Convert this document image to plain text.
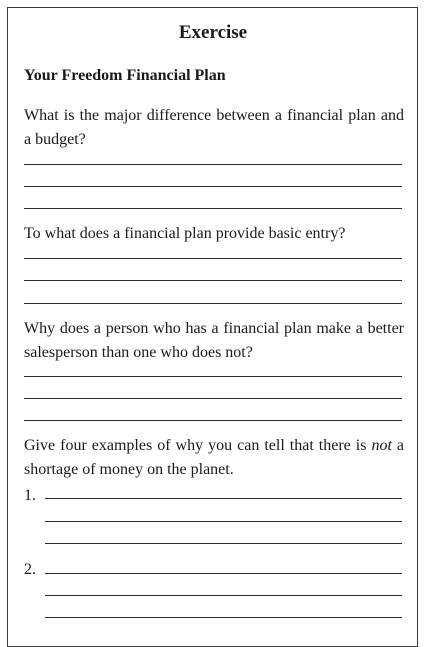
Exercise
Your Freedom Financial Plan
What is the major difference between a financial plan and a budget?
To what does a financial plan provide basic entry?
Why does a person who has a financial plan make a better salesperson than one who does not?
Give four examples of why you can tell that there is not a shortage of money on the planet.
1.
2.
